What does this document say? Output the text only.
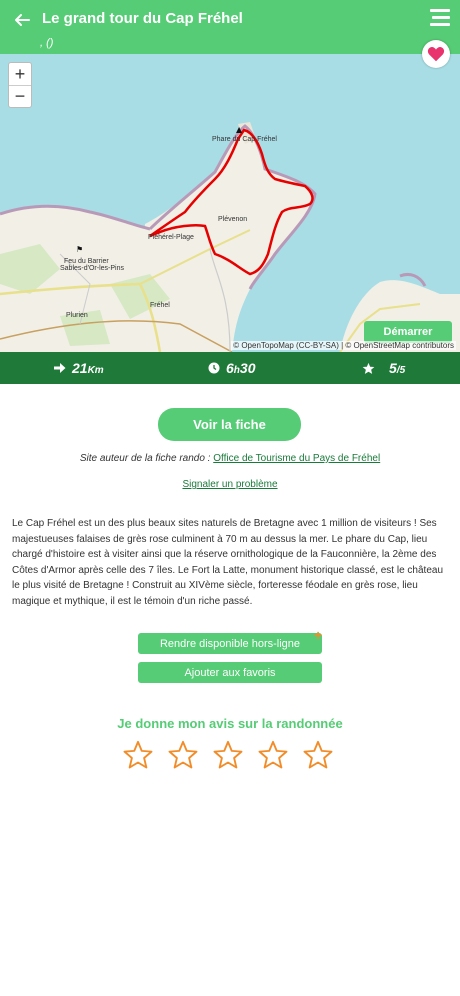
Le grand tour du Cap Fréhel
, ()
▲
⚑
Phare du Cap Fréhel
Plévenon
Pléhérel-Plage
Feu du Barrier
Sables-d'Or-les-Pins
Fréhel
Plurien
+
−
Démarrer
© OpenTopoMap (CC-BY-SA) | © OpenStreetMap contributors
21Km	6h30	5/5
Voir la fiche
Site auteur de la fiche rando : Office de Tourisme du Pays de Fréhel
Signaler un problème
Le Cap Fréhel est un des plus beaux sites naturels de Bretagne avec 1 million de visiteurs ! Ses majestueuses falaises de grès rose culminent à 70 m au dessus la mer. Le phare du Cap, lieu chargé d'histoire est à visiter ainsi que la réserve ornithologique de la Fauconnière, la 2ème des Côtes d'Armor après celle des 7 îles. Le Fort la Latte, monument historique classé, est le château le plus visité de Bretagne ! Construit au XIVème siècle, forteresse féodale en grès rose, lieu magique et mythique, il est le témoin d'un riche passé.
Rendre disponible hors-ligne
+
Ajouter aux favoris
Je donne mon avis sur la randonnée
